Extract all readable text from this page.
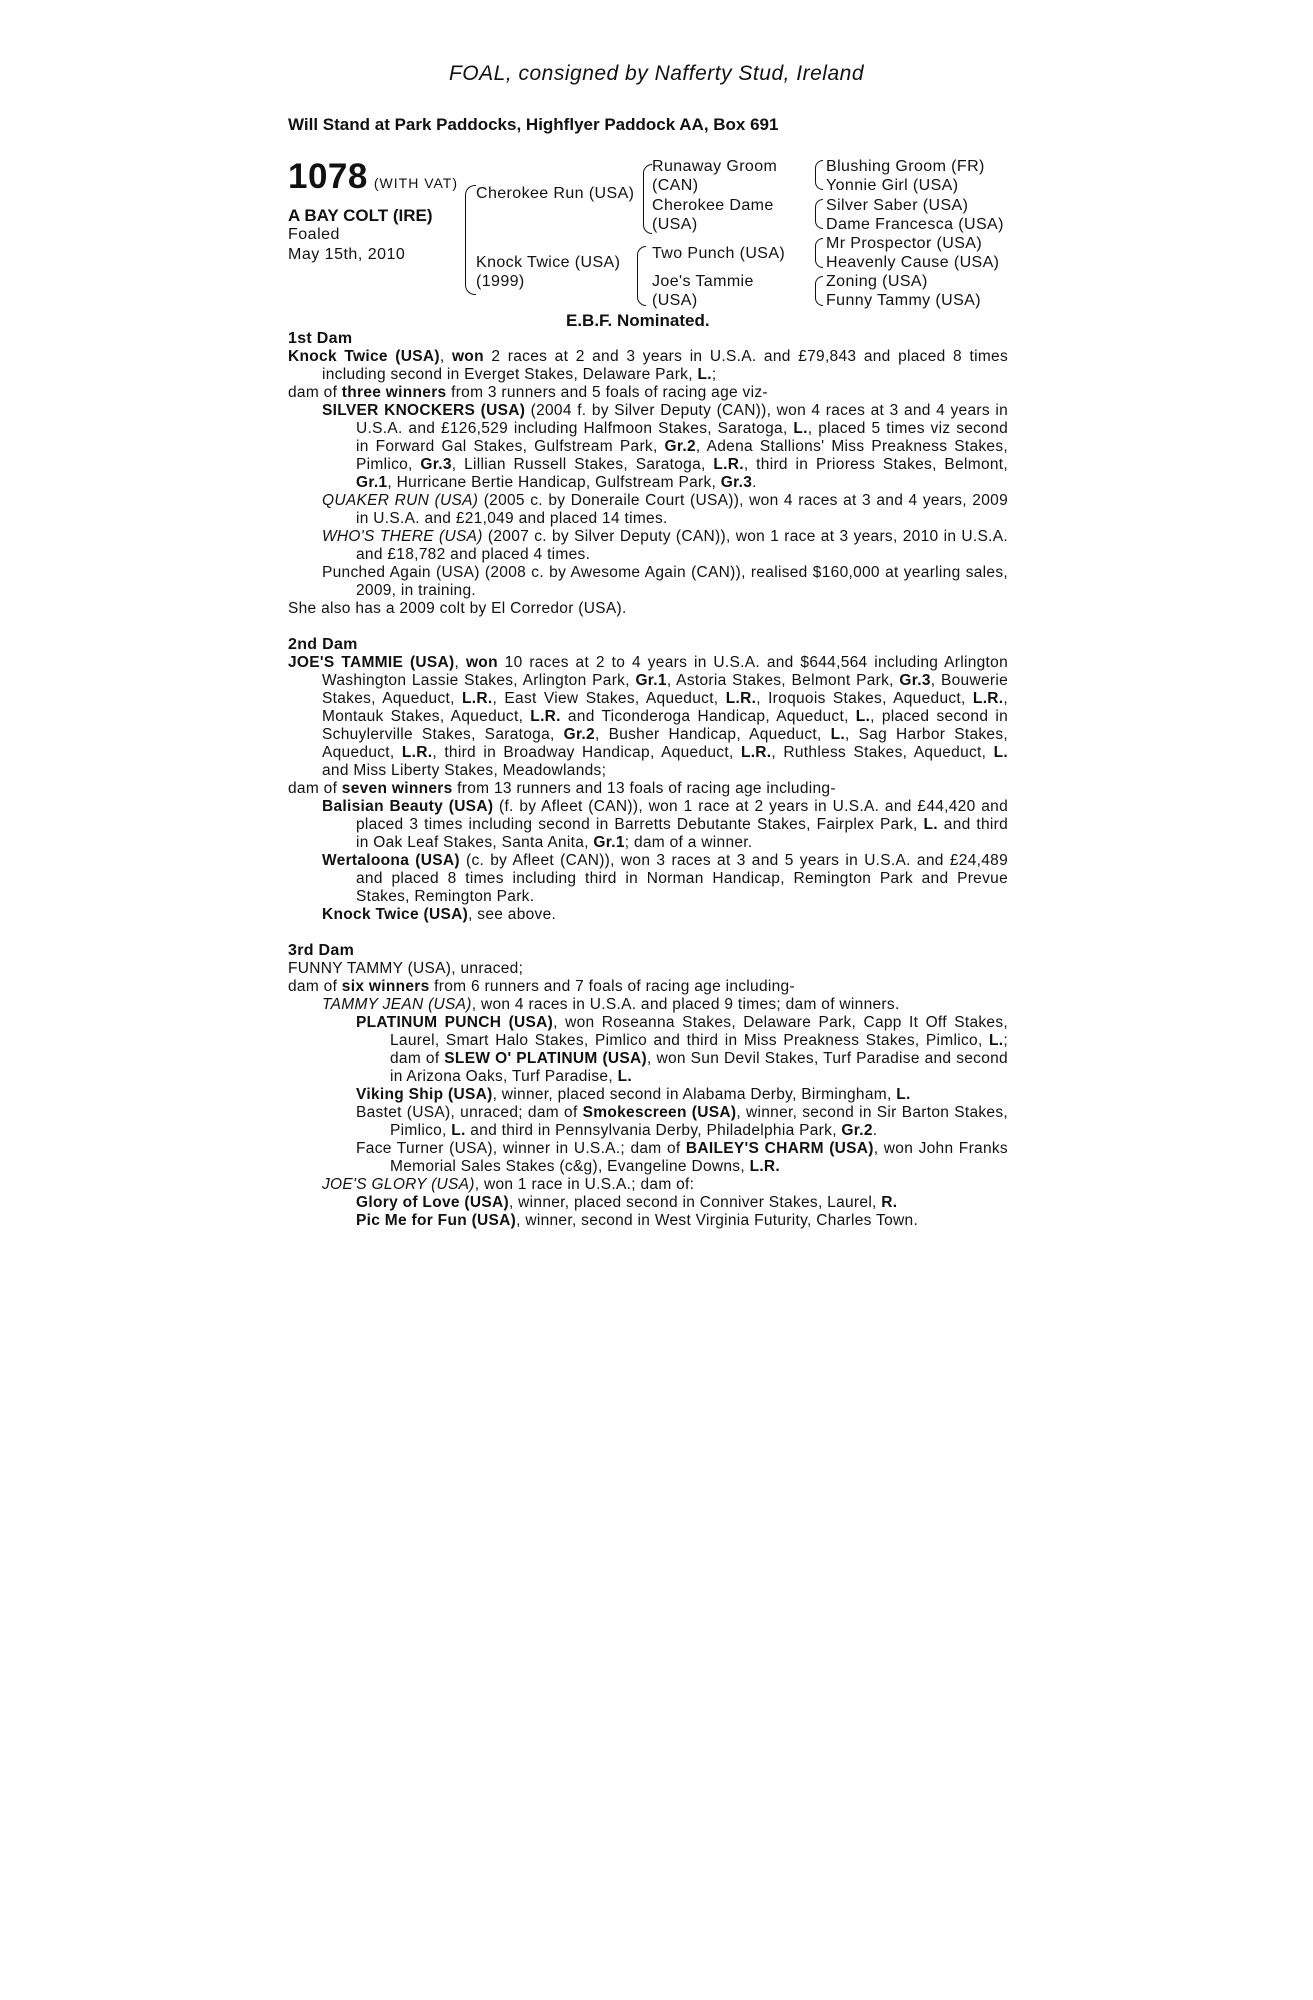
FOAL, consigned by Nafferty Stud, Ireland
Will Stand at Park Paddocks, Highflyer Paddock AA, Box 691
1078 (WITH VAT)
A BAY COLT (IRE)
Foaled
May 15th, 2010
Cherokee Run (USA)
Knock Twice (USA)
(1999)
Runaway Groom
(CAN)
Cherokee Dame
(USA)
Two Punch (USA)
Joe's Tammie
(USA)
Blushing Groom (FR)
Yonnie Girl (USA)
Silver Saber (USA)
Dame Francesca (USA)
Mr Prospector (USA)
Heavenly Cause (USA)
Zoning (USA)
Funny Tammy (USA)
E.B.F. Nominated.

1st Dam

Knock Twice (USA), won 2 races at 2 and 3 years in U.S.A. and £79,843 and placed 8 times including second in Everget Stakes, Delaware Park, L.;

dam of three winners from 3 runners and 5 foals of racing age viz-

SILVER KNOCKERS (USA) (2004 f. by Silver Deputy (CAN)), won 4 races at 3 and 4 years in U.S.A. and £126,529 including Halfmoon Stakes, Saratoga, L., placed 5 times viz second in Forward Gal Stakes, Gulfstream Park, Gr.2, Adena Stallions' Miss Preakness Stakes, Pimlico, Gr.3, Lillian Russell Stakes, Saratoga, L.R., third in Prioress Stakes, Belmont, Gr.1, Hurricane Bertie Handicap, Gulfstream Park, Gr.3.

QUAKER RUN (USA) (2005 c. by Doneraile Court (USA)), won 4 races at 3 and 4 years, 2009 in U.S.A. and £21,049 and placed 14 times.

WHO'S THERE (USA) (2007 c. by Silver Deputy (CAN)), won 1 race at 3 years, 2010 in U.S.A. and £18,782 and placed 4 times.

Punched Again (USA) (2008 c. by Awesome Again (CAN)), realised $160,000 at yearling sales, 2009, in training.

She also has a 2009 colt by El Corredor (USA).

2nd Dam

JOE'S TAMMIE (USA), won 10 races at 2 to 4 years in U.S.A. and $644,564 including Arlington Washington Lassie Stakes, Arlington Park, Gr.1, Astoria Stakes, Belmont Park, Gr.3, Bouwerie Stakes, Aqueduct, L.R., East View Stakes, Aqueduct, L.R., Iroquois Stakes, Aqueduct, L.R., Montauk Stakes, Aqueduct, L.R. and Ticonderoga Handicap, Aqueduct, L., placed second in Schuylerville Stakes, Saratoga, Gr.2, Busher Handicap, Aqueduct, L., Sag Harbor Stakes, Aqueduct, L.R., third in Broadway Handicap, Aqueduct, L.R., Ruthless Stakes, Aqueduct, L. and Miss Liberty Stakes, Meadowlands;

dam of seven winners from 13 runners and 13 foals of racing age including-

Balisian Beauty (USA) (f. by Afleet (CAN)), won 1 race at 2 years in U.S.A. and £44,420 and placed 3 times including second in Barretts Debutante Stakes, Fairplex Park, L. and third in Oak Leaf Stakes, Santa Anita, Gr.1; dam of a winner.

Wertaloona (USA) (c. by Afleet (CAN)), won 3 races at 3 and 5 years in U.S.A. and £24,489 and placed 8 times including third in Norman Handicap, Remington Park and Prevue Stakes, Remington Park.

Knock Twice (USA), see above.

3rd Dam

FUNNY TAMMY (USA), unraced;

dam of six winners from 6 runners and 7 foals of racing age including-

TAMMY JEAN (USA), won 4 races in U.S.A. and placed 9 times; dam of winners.

PLATINUM PUNCH (USA), won Roseanna Stakes, Delaware Park, Capp It Off Stakes, Laurel, Smart Halo Stakes, Pimlico and third in Miss Preakness Stakes, Pimlico, L.; dam of SLEW O' PLATINUM (USA), won Sun Devil Stakes, Turf Paradise and second in Arizona Oaks, Turf Paradise, L.

Viking Ship (USA), winner, placed second in Alabama Derby, Birmingham, L.

Bastet (USA), unraced; dam of Smokescreen (USA), winner, second in Sir Barton Stakes, Pimlico, L. and third in Pennsylvania Derby, Philadelphia Park, Gr.2.

Face Turner (USA), winner in U.S.A.; dam of BAILEY'S CHARM (USA), won John Franks Memorial Sales Stakes (c&g), Evangeline Downs, L.R.

JOE'S GLORY (USA), won 1 race in U.S.A.; dam of:

Glory of Love (USA), winner, placed second in Conniver Stakes, Laurel, R.

Pic Me for Fun (USA), winner, second in West Virginia Futurity, Charles Town.
